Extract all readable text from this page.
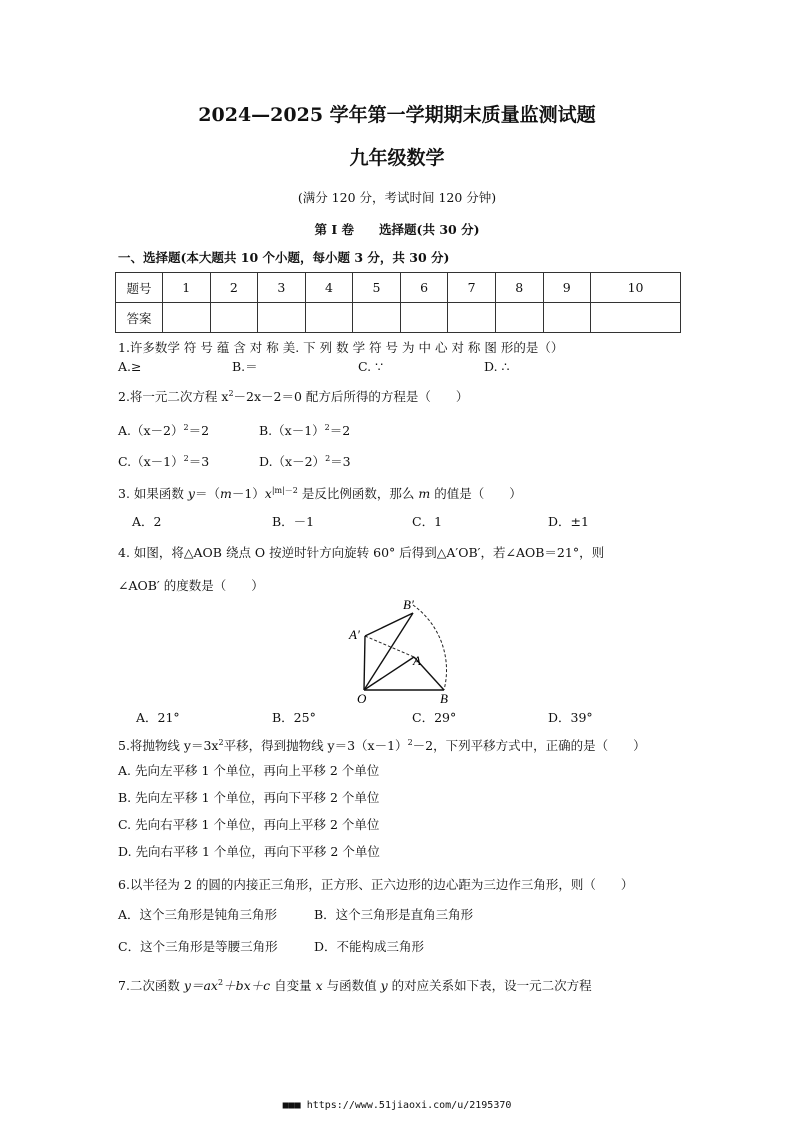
2024—2025 学年第一学期期末质量监测试题
九年级数学
(满分 120 分，考试时间 120 分钟)
第 I 卷　　选择题(共 30 分)
一、选择题(本大题共 10 个小题，每小题 3 分，共 30 分)
题号	1	2	3	4	5	6	7	8	9	10
答案										
1.许多数学 符 号 蕴 含 对 称 美. 下 列 数 学 符 号 为 中 心 对 称 图 形的是（）
A.≥	B.＝	C. ∵	D. ∴
2.将一元二次方程 $x^2-2x-2=0$ 配方后所得的方程是（　　）
$A.(x-2)^2=2$	$B.(x-1)^2=2$
$C.(x-1)^2=3$	$D.(x-2)^2=3$
3. 如果函数 $y=(m-1)x^{|m|-2}$ 是反比例函数，那么 m 的值是（　　）
A．2	B．－1	C．1	D．±1
4. 如图，将△AOB 绕点 O 按逆时针方向旋转 60° 后得到△A′OB′，若∠AOB＝21°，则
∠AOB′ 的度数是（　　）
B′
A′
A
O	B
A．21°	B．25°	C．29°	D．39°
5.将抛物线 $y=3x^2$平移，得到抛物线 $y=3(x-1)^2-2$，下列平移方式中，正确的是（　　）
A. 先向左平移 1 个单位，再向上平移 2 个单位
B. 先向左平移 1 个单位，再向下平移 2 个单位
C. 先向右平移 1 个单位，再向上平移 2 个单位
D. 先向右平移 1 个单位，再向下平移 2 个单位
6.以半径为 2 的圆的内接正三角形，正方形、正六边形的边心距为三边作三角形，则（　　）
A．这个三角形是钝角三角形	B．这个三角形是直角三角形
C．这个三角形是等腰三角形	D．不能构成三角形
7.二次函数 $y=ax^2+bx+c$ 自变量 x 与函数值 y 的对应关系如下表，设一元二次方程
■■■ https://www.51jiaoxi.com/u/2195370
